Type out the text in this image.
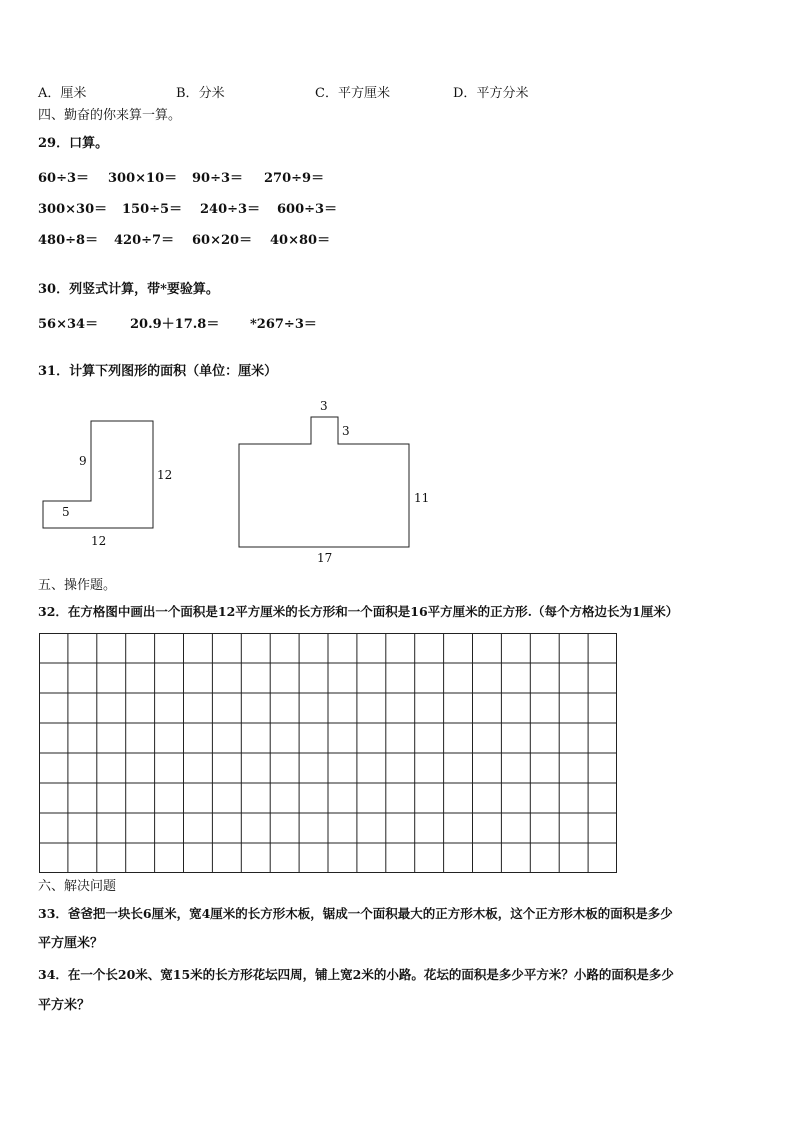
A．厘米	B．分米	C．平方厘米	D．平方分米
四、勤奋的你来算一算。
29．口算。
60÷3＝ 300×10＝ 90÷3＝ 270÷9＝
300×30＝ 150÷5＝ 240÷3＝ 600÷3＝
480÷8＝ 420÷7＝ 60×20＝ 40×80＝
30．列竖式计算，带*要验算。
56×34＝ 20.9＋17.8＝ *267÷3＝
31．计算下列图形的面积（单位：厘米）
9
12
5
12
3
3
11
17
五、操作题。
32．在方格图中画出一个面积是12平方厘米的长方形和一个面积是16平方厘米的正方形.（每个方格边长为1厘米）
六、解决问题
33．爸爸把一块长6厘米，宽4厘米的长方形木板，锯成一个面积最大的正方形木板，这个正方形木板的面积是多少
平方厘米？
34．在一个长20米、宽15米的长方形花坛四周，铺上宽2米的小路。花坛的面积是多少平方米？小路的面积是多少
平方米？
